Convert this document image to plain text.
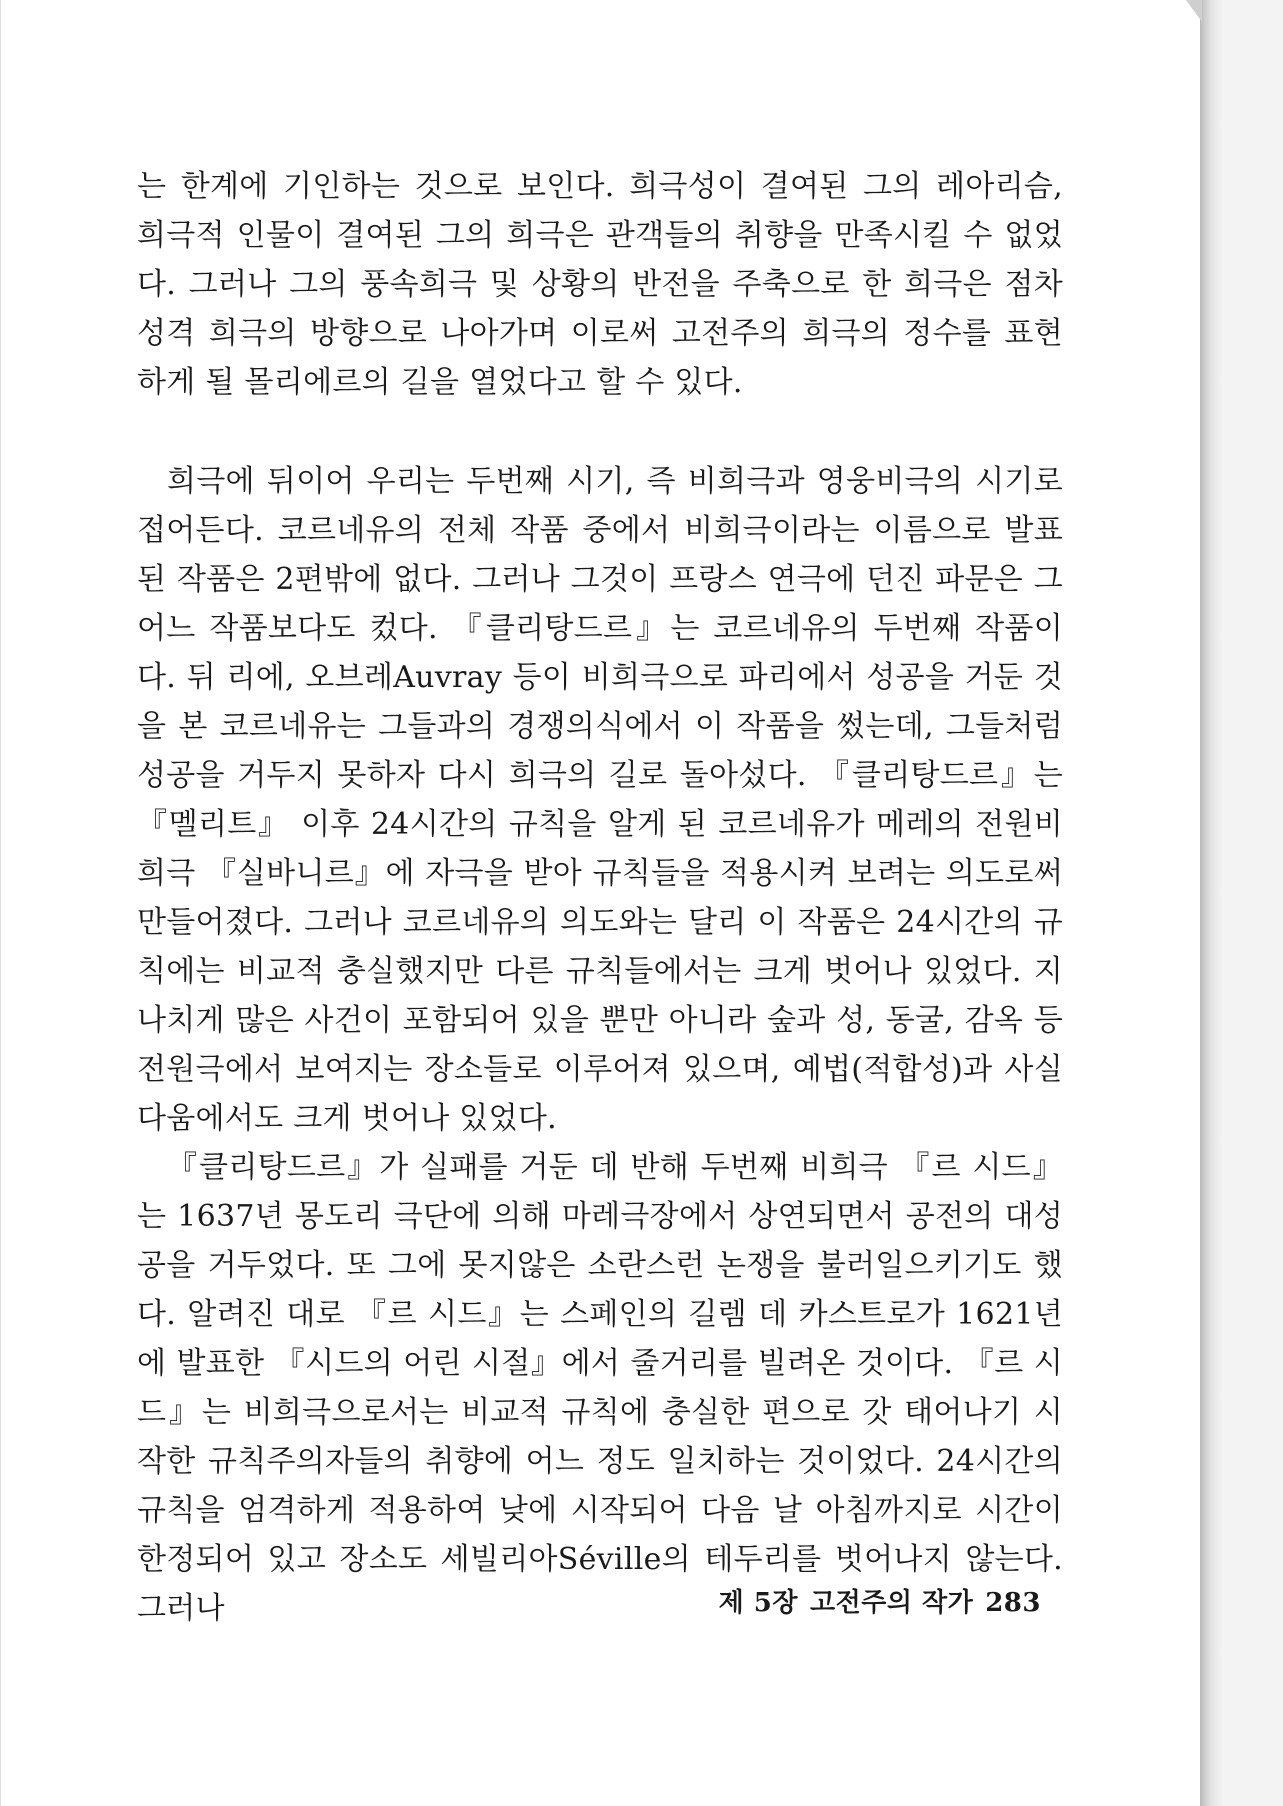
는 한계에 기인하는 것으로 보인다. 희극성이 결여된 그의 레아리슴, 희극적 인물이 결여된 그의 희극은 관객들의 취향을 만족시킬 수 없었다. 그러나 그의 풍속희극 및 상황의 반전을 주축으로 한 희극은 점차 성격 희극의 방향으로 나아가며 이로써 고전주의 희극의 정수를 표현하게 될 몰리에르의 길을 열었다고 할 수 있다.

희극에 뒤이어 우리는 두번째 시기, 즉 비희극과 영웅비극의 시기로 접어든다. 코르네유의 전체 작품 중에서 비희극이라는 이름으로 발표된 작품은 2편밖에 없다. 그러나 그것이 프랑스 연극에 던진 파문은 그 어느 작품보다도 컸다. 『클리탕드르』는 코르네유의 두번째 작품이다. 뒤 리에, 오브레Auvray 등이 비희극으로 파리에서 성공을 거둔 것을 본 코르네유는 그들과의 경쟁의식에서 이 작품을 썼는데, 그들처럼 성공을 거두지 못하자 다시 희극의 길로 돌아섰다. 『클리탕드르』는 『멜리트』 이후 24시간의 규칙을 알게 된 코르네유가 메레의 전원비희극 『실바니르』에 자극을 받아 규칙들을 적용시켜 보려는 의도로써 만들어졌다. 그러나 코르네유의 의도와는 달리 이 작품은 24시간의 규칙에는 비교적 충실했지만 다른 규칙들에서는 크게 벗어나 있었다. 지나치게 많은 사건이 포함되어 있을 뿐만 아니라 숲과 성, 동굴, 감옥 등 전원극에서 보여지는 장소들로 이루어져 있으며, 예법(적합성)과 사실다움에서도 크게 벗어나 있었다.

『클리탕드르』가 실패를 거둔 데 반해 두번째 비희극 『르 시드』는 1637년 몽도리 극단에 의해 마레극장에서 상연되면서 공전의 대성공을 거두었다. 또 그에 못지않은 소란스런 논쟁을 불러일으키기도 했다. 알려진 대로 『르 시드』는 스페인의 길렘 데 카스트로가 1621년에 발표한 『시드의 어린 시절』에서 줄거리를 빌려온 것이다. 『르 시드』는 비희극으로서는 비교적 규칙에 충실한 편으로 갓 태어나기 시작한 규칙주의자들의 취향에 어느 정도 일치하는 것이었다. 24시간의 규칙을 엄격하게 적용하여 낮에 시작되어 다음 날 아침까지로 시간이 한정되어 있고 장소도 세빌리아Séville의 테두리를 벗어나지 않는다. 그러나	제 5장 고전주의 작가 283
